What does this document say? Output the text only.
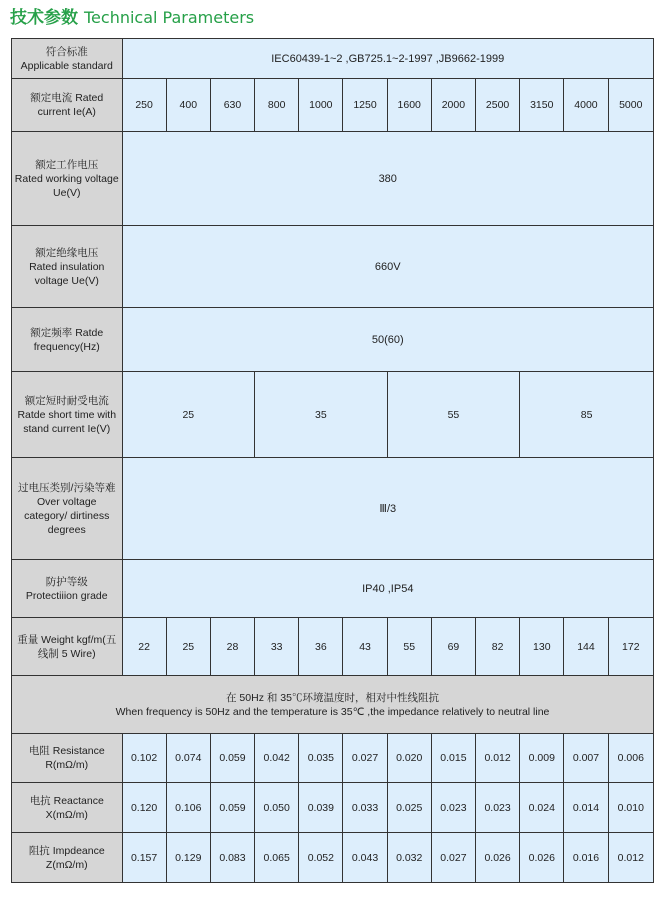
技术参数 Technical Parameters
符合标准
Applicable standard	IEC60439-1~2 ,GB725.1~2-1997 ,JB9662-1999											
额定电流 Rated current Ie(A)	250	400	630	800	1000	1250	1600	2000	2500	3150	4000	5000
额定工作电压
Rated working voltage Ue(V)	380											
额定绝缘电压
Rated insulation voltage Ue(V)	660V											
额定频率 Ratde frequency(Hz)	50(60)											
额定短时耐受电流 Ratde short time with stand current Ie(V)	25			35			55			85		
过电压类别/污染等难 Over voltage category/ dirtiness degrees	Ⅲ/3											
防护等级
Protectiiion grade	IP40 ,IP54											
重量 Weight kgf/m(五线制 5 Wire)	22	25	28	33	36	43	55	69	82	130	144	172

在 50Hz 和 35℃环境温度时，相对中性线阻抗
When frequency is 50Hz and the temperature is 35℃ ,the impedance relatively to neutral line												

电阻 Resistance R(mΩ/m)	0.102	0.074	0.059	0.042	0.035	0.027	0.020	0.015	0.012	0.009	0.007	0.006
电抗 Reactance X(mΩ/m)	0.120	0.106	0.059	0.050	0.039	0.033	0.025	0.023	0.023	0.024	0.014	0.010
阻抗 Impdeance Z(mΩ/m)	0.157	0.129	0.083	0.065	0.052	0.043	0.032	0.027	0.026	0.026	0.016	0.012
